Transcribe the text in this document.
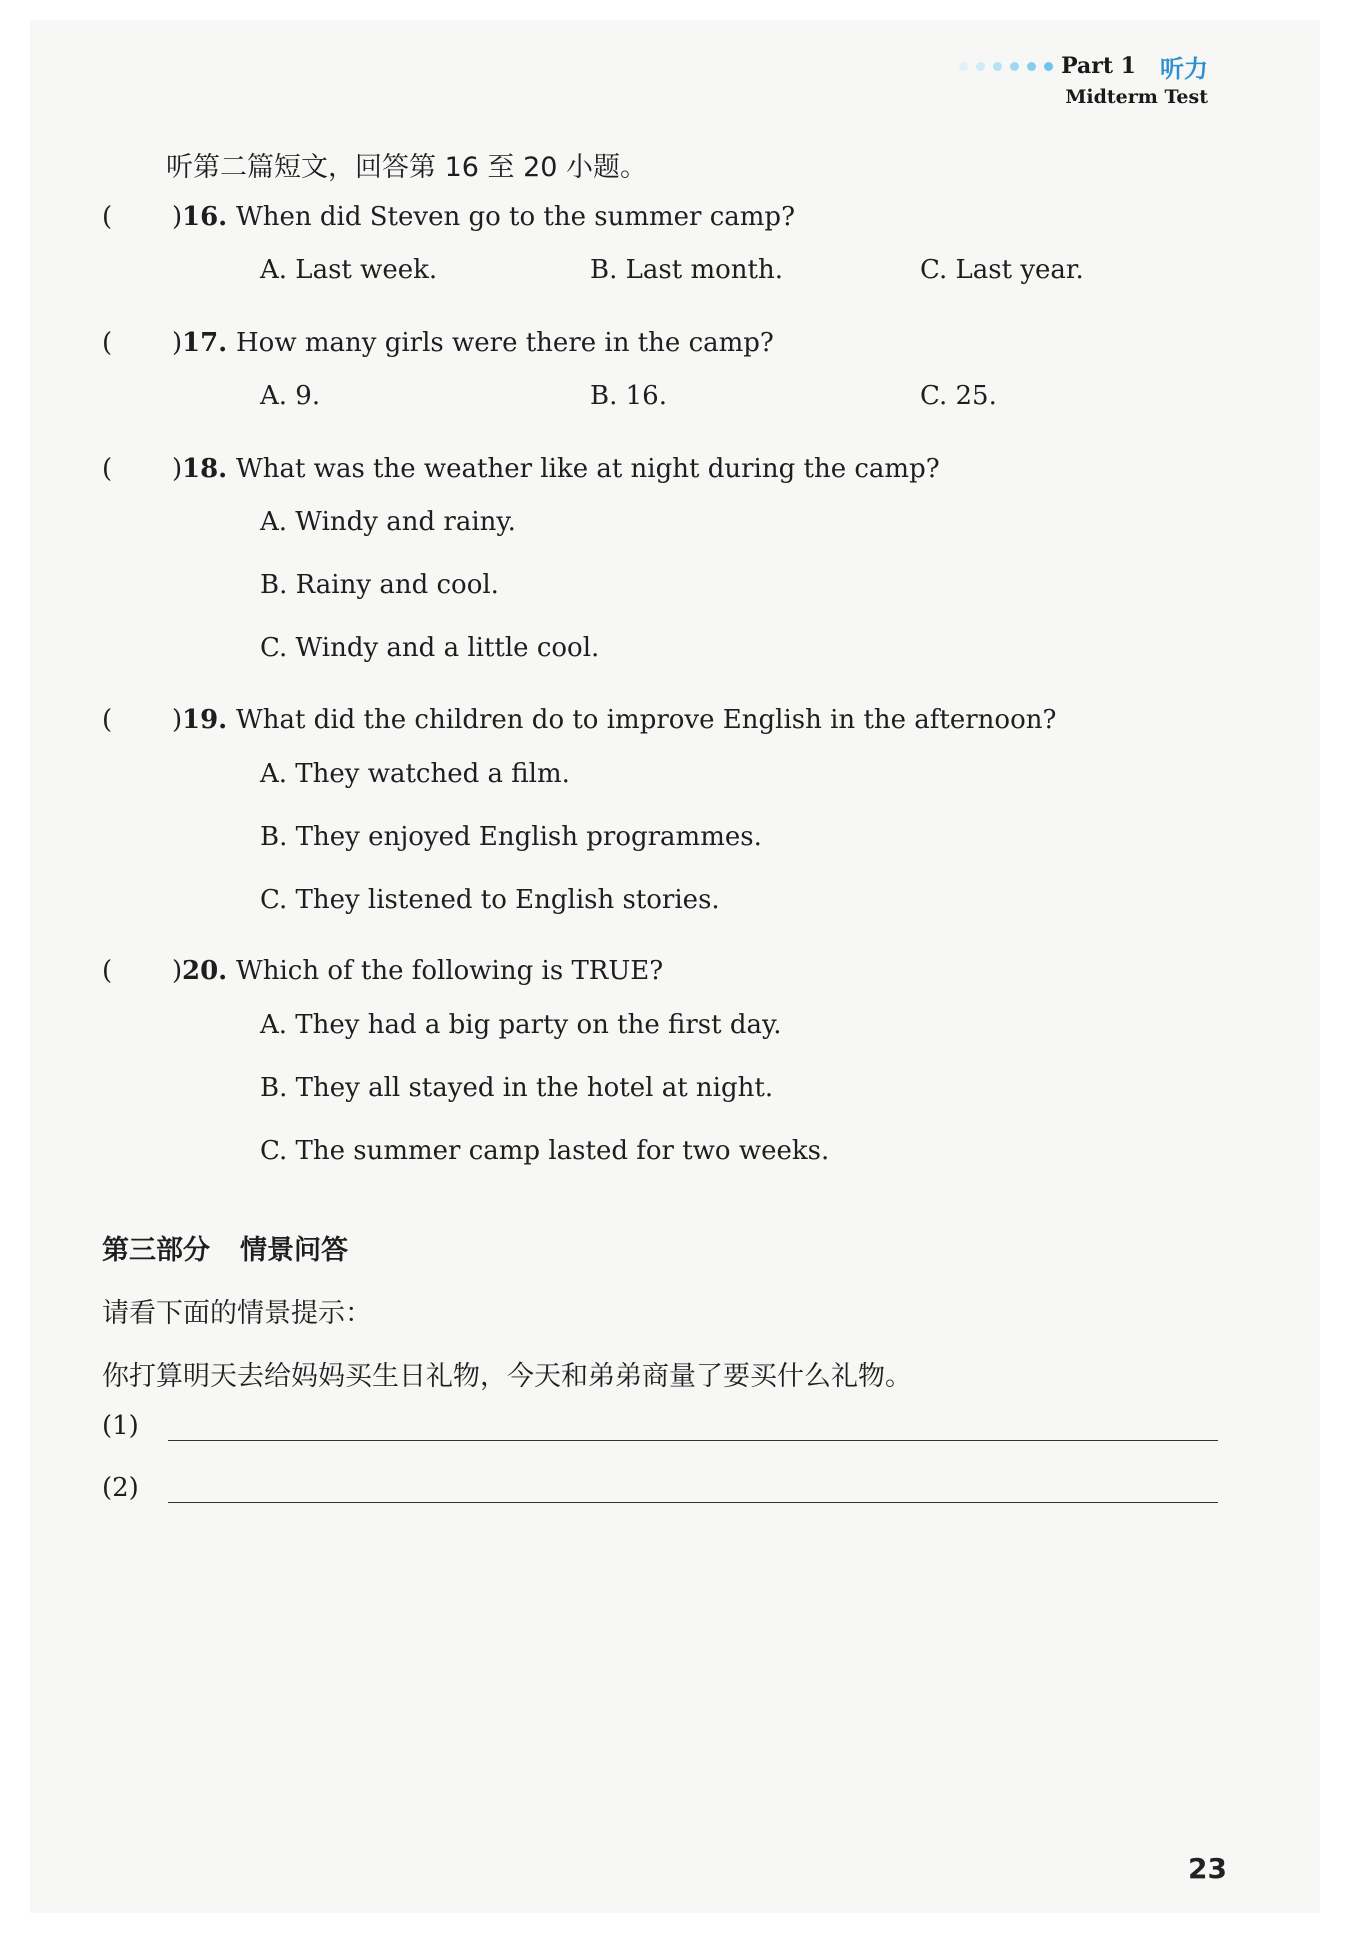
Part 1 听力
Midterm Test
听第二篇短文，回答第 16 至 20 小题。
(	) 16. When did Steven go to the summer camp?
A. Last week.	B. Last month.	C. Last year.
(	) 17. How many girls were there in the camp?
A. 9.	B. 16.	C. 25.
(	) 18. What was the weather like at night during the camp?
A. Windy and rainy.
B. Rainy and cool.
C. Windy and a little cool.
(	) 19. What did the children do to improve English in the afternoon?
A. They watched a film.
B. They enjoyed English programmes.
C. They listened to English stories.
(	) 20. Which of the following is TRUE?
A. They had a big party on the first day.
B. They all stayed in the hotel at night.
C. The summer camp lasted for two weeks.
第三部分 情景问答
请看下面的情景提示：
你打算明天去给妈妈买生日礼物，今天和弟弟商量了要买什么礼物。
(1)
(2)
23
